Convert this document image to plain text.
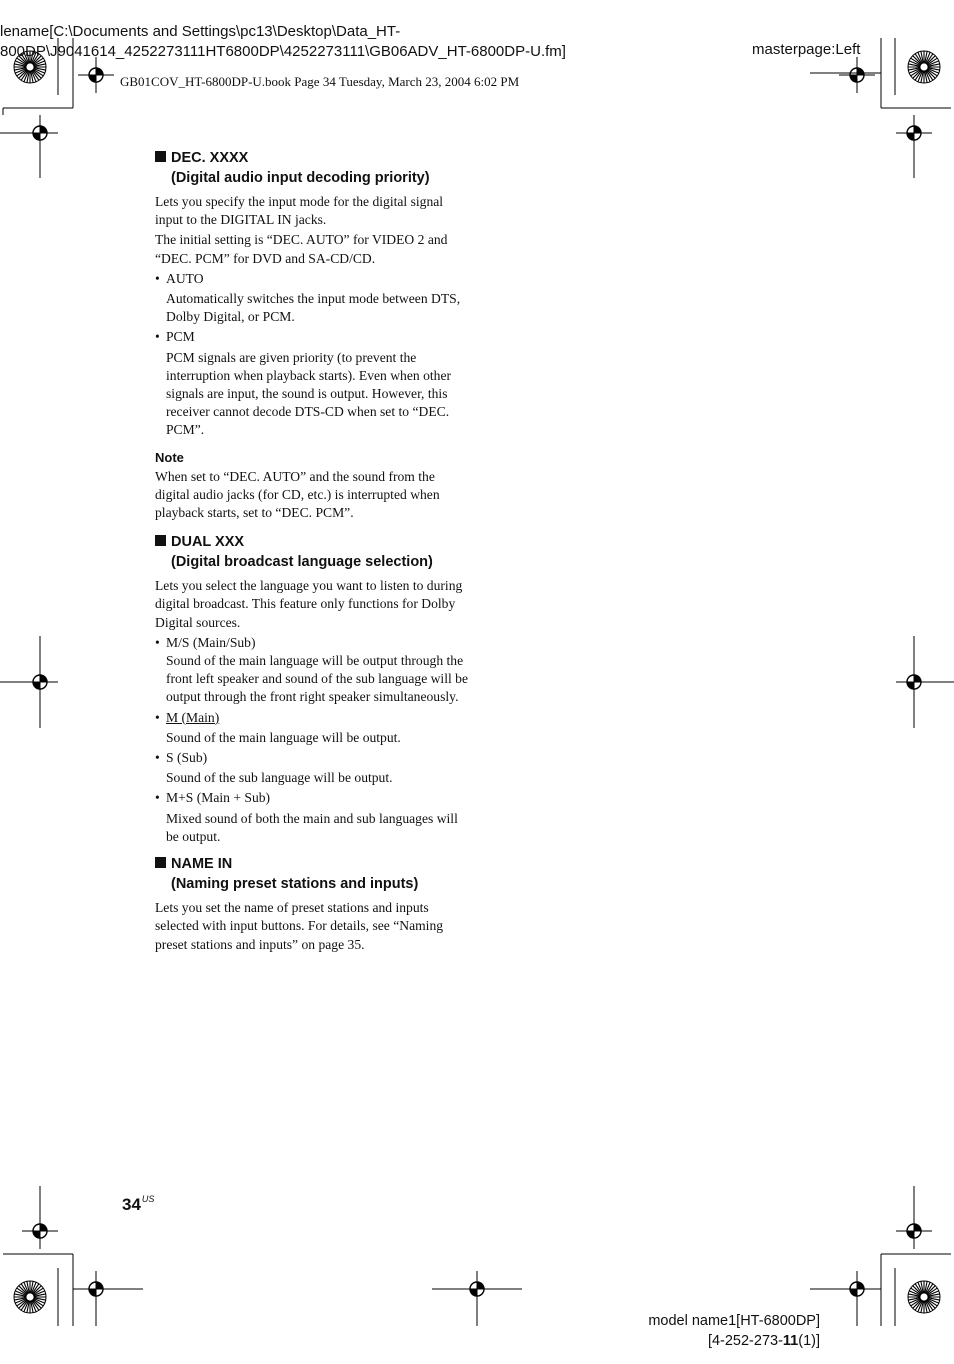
lename[C:\Documents and Settings\pc13\Desktop\Data_HT-
800DP\J9041614_4252273111HT6800DP\4252273111\GB06ADV_HT-6800DP-U.fm]	masterpage:Left
GB01COV_HT-6800DP-U.book Page 34 Tuesday, March 23, 2004 6:02 PM
DEC. XXXX
(Digital audio input decoding priority)

Lets you specify the input mode for the digital signal input to the DIGITAL IN jacks.

The initial setting is “DEC. AUTO” for VIDEO 2 and “DEC. PCM” for DVD and SA-CD/CD.

• AUTO
Automatically switches the input mode between DTS, Dolby Digital, or PCM.
• PCM
PCM signals are given priority (to prevent the interruption when playback starts). Even when other signals are input, the sound is output. However, this receiver cannot decode DTS-CD when set to “DEC. PCM”.
Note

When set to “DEC. AUTO” and the sound from the digital audio jacks (for CD, etc.) is interrupted when playback starts, set to “DEC. PCM”.

DUAL XXX
(Digital broadcast language selection)

Lets you select the language you want to listen to during digital broadcast. This feature only functions for Dolby Digital sources.

• M/S (Main/Sub)
Sound of the main language will be output through the front left speaker and sound of the sub language will be output through the front right speaker simultaneously.
• M (Main)
Sound of the main language will be output.
• S (Sub)
Sound of the sub language will be output.
• M+S (Main + Sub)
Mixed sound of both the main and sub languages will be output.
NAME IN
(Naming preset stations and inputs)

Lets you set the name of preset stations and inputs selected with input buttons. For details, see “Naming preset stations and inputs” on page 35.

$34^{US}$
model name1[HT-6800DP]
[4-252-273-11(1)]
